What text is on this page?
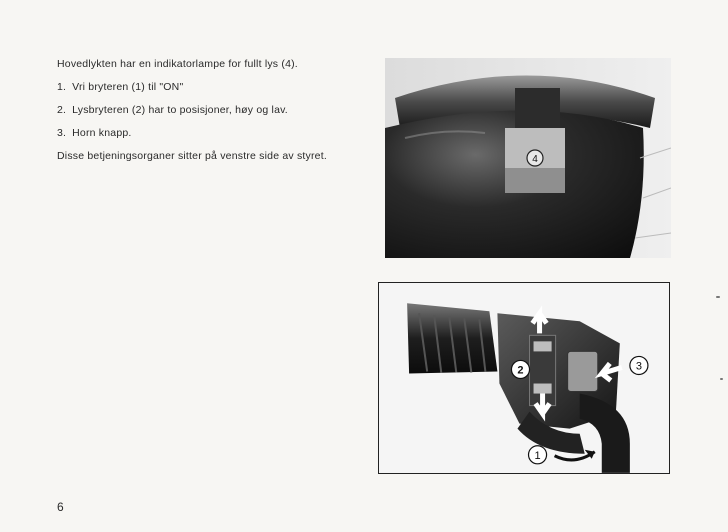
Hovedlykten har en indikatorlampe for fullt lys (4).

1. Vri bryteren (1) til "ON"
2. Lysbryteren (2) har to posisjoner, høy og lav.
3. Horn knapp.

Disse betjeningsorganer sitter på venstre side av styret.	4
2	3
1
6
